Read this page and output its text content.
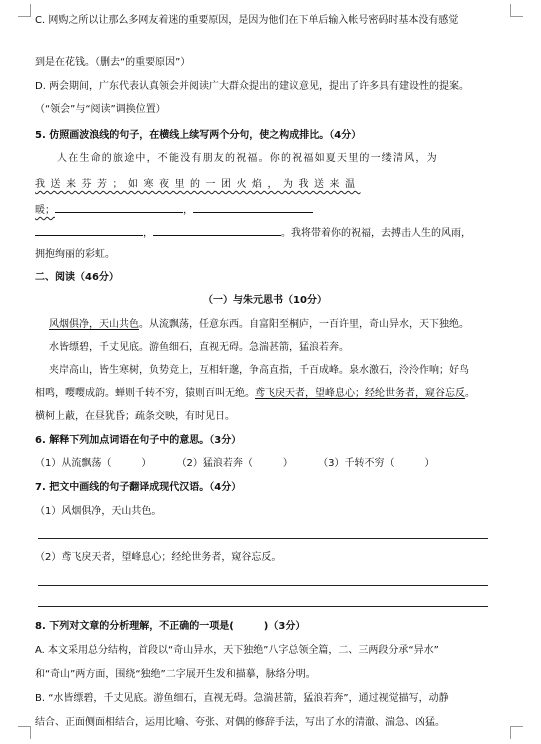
C. 网购之所以让那么多网友着迷的重要原因，是因为他们在下单后输入帐号密码时基本没有感觉
到是在花钱。（删去“的重要原因”）
D. 两会期间，广东代表认真领会并阅读广大群众提出的建议意见，提出了许多具有建设性的提案。
（“领会”与“阅读”调换位置）
5. 仿照画波浪线的句子，在横线上续写两个分句，使之构成排比。（4分）
人在生命的旅途中，不能没有朋友的祝福。你的祝福如夏天里的一缕清风，为
我送来芬芳；如寒夜里的一团火焰，为我送来温
暖；	，
，	。我将带着你的祝福，去搏击人生的风雨，
拥抱绚丽的彩虹。
二、阅读（46分）
（一）与朱元思书（10分）
风烟俱净，天山共色。从流飘荡，任意东西。自富阳至桐庐，一百许里，奇山异水，天下独绝。
水皆缥碧，千丈见底。游鱼细石，直视无碍。急湍甚箭，猛浪若奔。
夹岸高山，皆生寒树，负势竞上，互相轩邈，争高直指，千百成峰。泉水激石，泠泠作响；好鸟
相鸣，嘤嘤成韵。蝉则千转不穷，猿则百叫无绝。鸢飞戾天者，望峰息心；经纶世务者，窥谷忘反。
横柯上蔽，在昼犹昏；疏条交映，有时见日。
6. 解释下列加点词语在句子中的意思。（3分）
（1）从流飘荡（　　　）	（2）猛浪若奔（　　　）	（3）千转不穷（　　　）
7. 把文中画线的句子翻译成现代汉语。（4分）
（1）风烟俱净，天山共色。
（2）鸢飞戾天者，望峰息心；经纶世务者，窥谷忘反。
8. 下列对文章的分析理解，不正确的一项是(　　　)（3分）
A. 本文采用总分结构，首段以“奇山异水，天下独绝”八字总领全篇，二、三两段分承“异水”
和“奇山”两方面，围绕“独绝”二字展开生发和描摹，脉络分明。
B. “水皆缥碧，千丈见底。游鱼细石，直视无碍。急湍甚箭，猛浪若奔”，通过视觉描写，动静
结合、正面侧面相结合，运用比喻、夸张、对偶的修辞手法，写出了水的清澈、湍急、凶猛。
